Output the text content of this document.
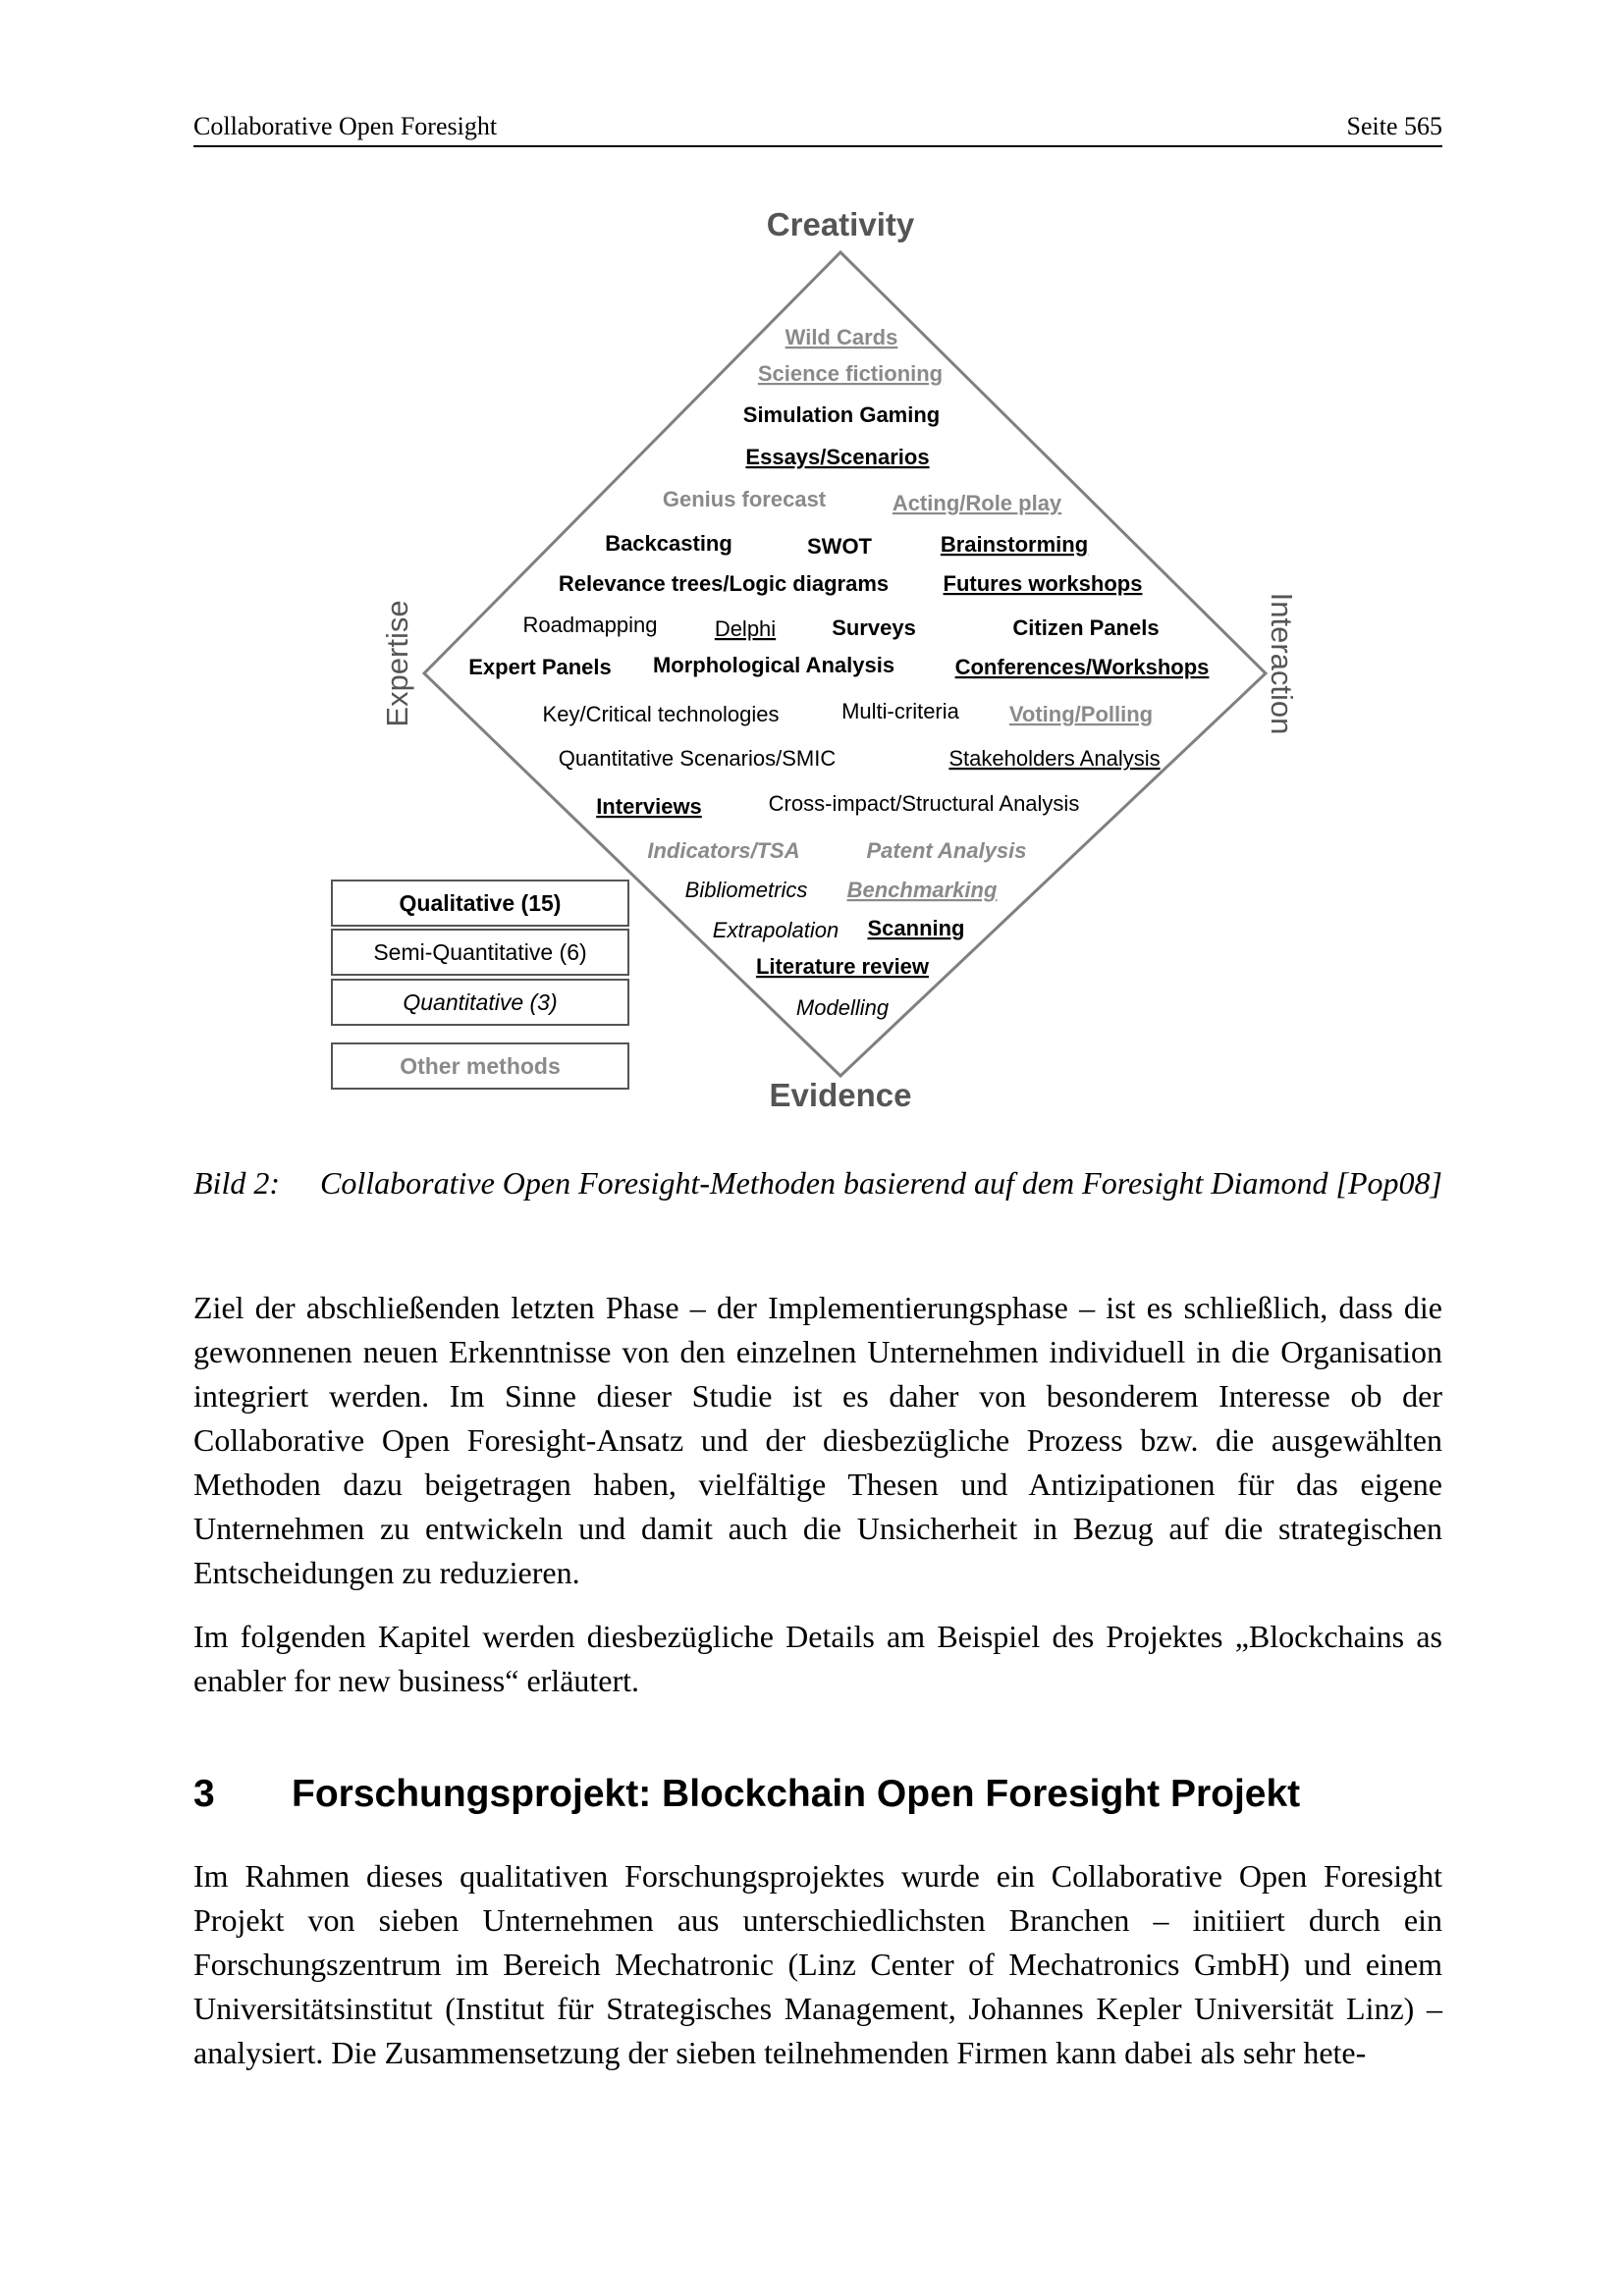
Collaborative Open Foresight	Seite 565
Creativity
Evidence
Expertise	Interaction
Wild Cards
Science fictioning
Simulation Gaming
Essays/Scenarios
Genius forecast	Acting/Role play
Backcasting	SWOT	Brainstorming
Relevance trees/Logic diagrams	Futures workshops
Roadmapping	Delphi	Surveys	Citizen Panels
Expert Panels Morphological Analysis	Conferences/Workshops
Key/Critical technologies	Multi-criteria Voting/Polling
Quantitative Scenarios/SMIC	Stakeholders Analysis
Interviews	Cross-impact/Structural Analysis
Indicators/TSA	Patent Analysis
Bibliometrics Benchmarking
Extrapolation Scanning
Literature review
Modelling
Qualitative (15)
Semi-Quantitative (6)
Quantitative (3)
Other methods
Bild 2: Collaborative Open Foresight-Methoden basierend auf dem Foresight Diamond [Pop08]

Ziel der abschließenden letzten Phase – der Implementierungsphase – ist es schließlich, dass die gewonnenen neuen Erkenntnisse von den einzelnen Unternehmen individuell in die Organisation integriert werden. Im Sinne dieser Studie ist es daher von besonderem Interesse ob der Collaborative Open Foresight-Ansatz und der diesbezügliche Prozess bzw. die ausgewählten Methoden dazu beigetragen haben, vielfältige Thesen und Antizipationen für das eigene Unternehmen zu entwickeln und damit auch die Unsicherheit in Bezug auf die strategischen Entscheidungen zu reduzieren.

Im folgenden Kapitel werden diesbezügliche Details am Beispiel des Projektes „Blockchains as enabler for new business“ erläutert.

3 Forschungsprojekt: Blockchain Open Foresight Projekt

Im Rahmen dieses qualitativen Forschungsprojektes wurde ein Collaborative Open Foresight Projekt von sieben Unternehmen aus unterschiedlichsten Branchen – initiiert durch ein Forschungszentrum im Bereich Mechatronic (Linz Center of Mechatronics GmbH) und einem Universitätsinstitut (Institut für Strategisches Management, Johannes Kepler Universität Linz) – analysiert. Die Zusammensetzung der sieben teilnehmenden Firmen kann dabei als sehr hete-
